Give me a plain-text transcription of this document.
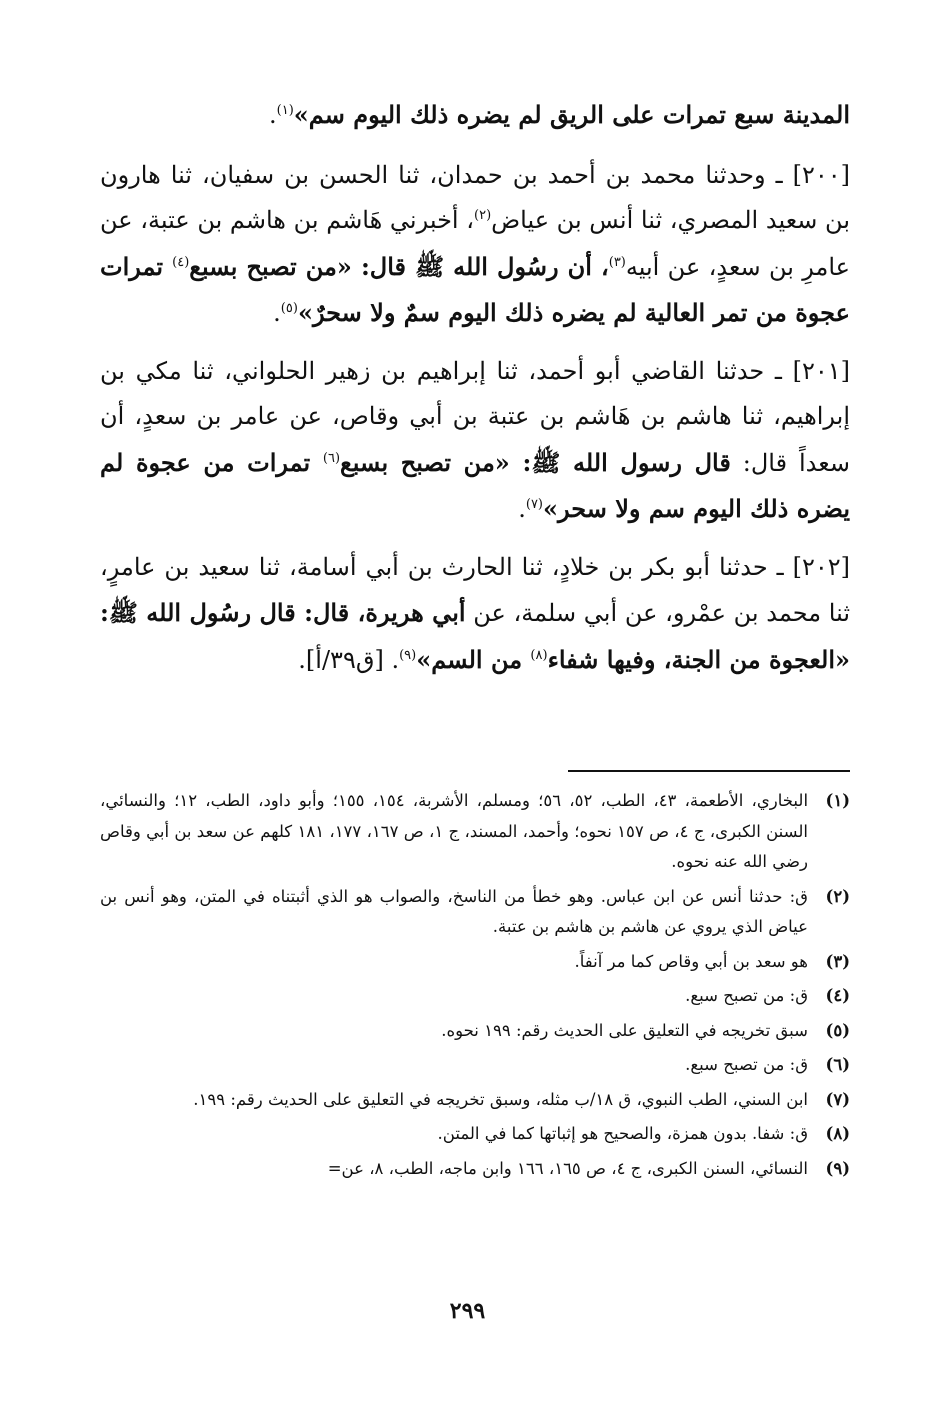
المدينة سبع تمرات على الريق لم يضره ذلك اليوم سم»$^{(١)}$.

[٢٠٠] ـ وحدثنا محمد بن أحمد بن حمدان، ثنا الحسن بن سفيان، ثنا هارون بن سعيد المصري، ثنا أنس بن عياض$^{(٢)}$، أخبرني هَاشم بن هاشم بن عتبة، عن عامرِ بن سعدٍ، عن أبيه$^{(٣)}$، أن رسُول الله ﷺ قال: «من تصبح بسبع$^{(٤)}$ تمرات عجوة من تمر العالية لم يضره ذلك اليوم سمٌ ولا سحرٌ»$^{(٥)}$.

[٢٠١] ـ حدثنا القاضي أبو أحمد، ثنا إبراهيم بن زهير الحلواني، ثنا مكي بن إبراهيم، ثنا هاشم بن هَاشم بن عتبة بن أبي وقاص، عن عامر بن سعدٍ، أن سعداً قال: قال رسول الله ﷺ: «من تصبح بسبع$^{(٦)}$ تمرات من عجوة لم يضره ذلك اليوم سم ولا سحر»$^{(٧)}$.

[٢٠٢] ـ حدثنا أبو بكر بن خلادٍ، ثنا الحارث بن أبي أسامة، ثنا سعيد بن عامرٍ، ثنا محمد بن عمْرو، عن أبي سلمة، عن أبي هريرة، قال: قال رسُول الله ﷺ: «العجوة من الجنة، وفيها شفاء$^{(٨)}$ من السم»$^{(٩)}$. [ق٣٩/أ].

(١)
البخاري، الأطعمة، ٤٣، الطب، ٥٢، ٥٦؛ ومسلم، الأشربة، ١٥٤، ١٥٥؛ وأبو داود، الطب، ١٢؛ والنسائي، السنن الكبرى، ج ٤، ص ١٥٧ نحوه؛ وأحمد، المسند، ج ١، ص ١٦٧، ١٧٧، ١٨١ كلهم عن سعد بن أبي وقاص رضي الله عنه نحوه.
(٢)
ق: حدثنا أنس عن ابن عباس. وهو خطأ من الناسخ، والصواب هو الذي أثبتناه في المتن، وهو أنس بن عياض الذي يروي عن هاشم بن هاشم بن عتبة.
(٣)
هو سعد بن أبي وقاص كما مر آنفاً.
(٤)
ق: من تصبح سبع.
(٥)
سبق تخريجه في التعليق على الحديث رقم: ١٩٩ نحوه.
(٦)
ق: من تصبح سبع.
(٧)
ابن السني، الطب النبوي، ق ١٨/ب مثله، وسبق تخريجه في التعليق على الحديث رقم: ١٩٩.
(٨)
ق: شفا. بدون همزة، والصحيح هو إثباتها كما في المتن.
(٩)
النسائي، السنن الكبرى، ج ٤، ص ١٦٥، ١٦٦ وابن ماجه، الطب، ٨، عن=
٢٩٩
